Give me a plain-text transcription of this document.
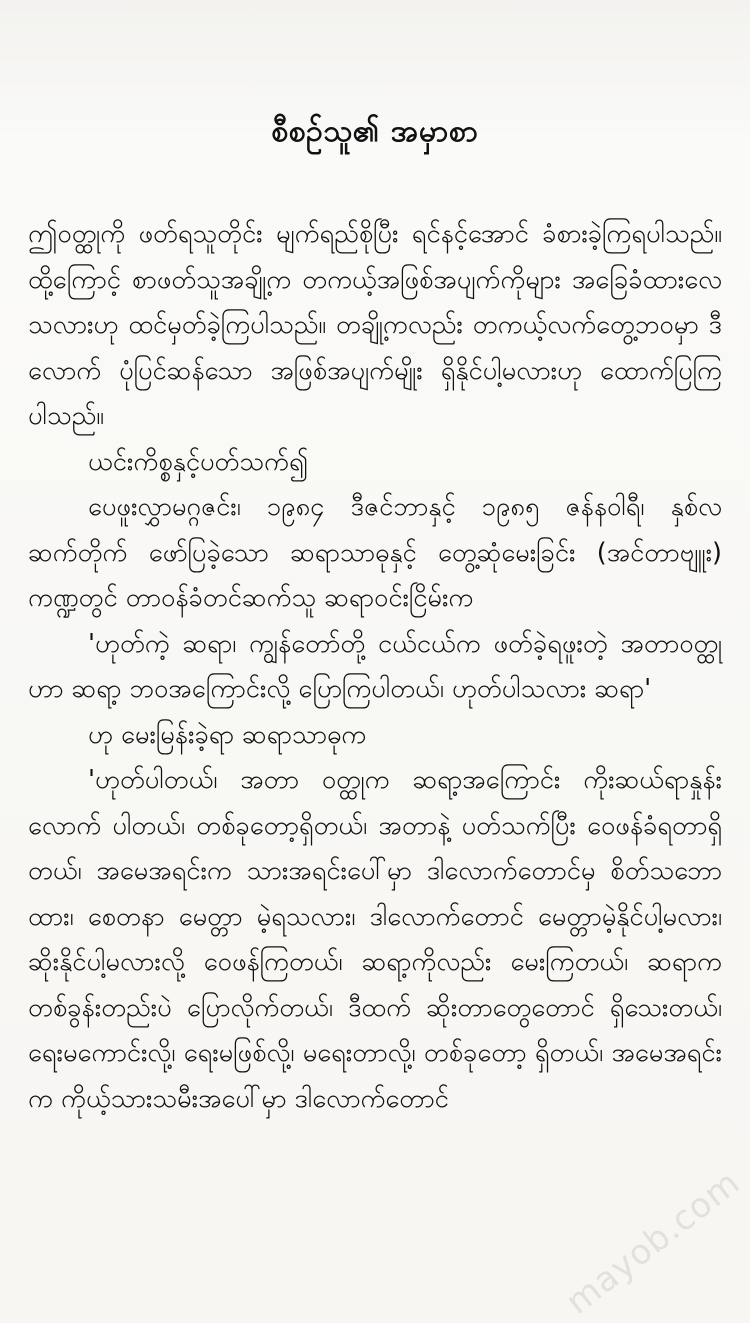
စီစဉ်သူ၏ အမှာစာ

ဤဝတ္ထုကို ဖတ်ရသူတိုင်း မျက်ရည်စိုပြီး ရင်နင့်အောင် ခံစားခဲ့ကြရပါသည်။ ထို့ကြောင့် စာဖတ်သူအချို့က တကယ့်အဖြစ်အပျက်ကိုများ အခြေခံထားလေသလားဟု ထင်မှတ်ခဲ့ကြပါသည်။ တချို့ကလည်း တကယ့်လက်တွေ့ဘဝမှာ ဒီလောက် ပုံပြင်ဆန်သော အဖြစ်အပျက်မျိုး ရှိနိုင်ပါ့မလားဟု ထောက်ပြကြပါသည်။

ယင်းကိစ္စနှင့်ပတ်သက်၍

ပေဖူးလွှာမဂ္ဂဇင်း၊ ၁၉၈၄ ဒီဇင်ဘာနှင့် ၁၉၈၅ ဇန်နဝါရီ၊ နှစ်လဆက်တိုက် ဖော်ပြခဲ့သော ဆရာသာဓုနှင့် တွေ့ဆုံမေးခြင်း (အင်တာဗျူး) ကဏ္ဍတွင် တာဝန်ခံတင်ဆက်သူ ဆရာဝင်းငြိမ်းက

'ဟုတ်ကဲ့ ဆရာ၊ ကျွန်တော်တို့ ငယ်ငယ်က ဖတ်ခဲ့ရဖူးတဲ့ အတာဝတ္ထုဟာ ဆရာ့ ဘဝအကြောင်းလို့ ပြောကြပါတယ်၊ ဟုတ်ပါသလား ဆရာ'

ဟု မေးမြန်းခဲ့ရာ ဆရာသာဓုက

'ဟုတ်ပါတယ်၊ အတာ ဝတ္ထုက ဆရာ့အကြောင်း ကိုးဆယ်ရာနှုန်းလောက် ပါတယ်၊ တစ်ခုတော့ရှိတယ်၊ အတာနဲ့ ပတ်သက်ပြီး ဝေဖန်ခံရတာရှိတယ်၊ အမေအရင်းက သားအရင်းပေါ်မှာ ဒါလောက်တောင်မှ စိတ်သဘောထား၊ စေတနာ မေတ္တာ မဲ့ရသလား၊ ဒါလောက်တောင် မေတ္တာမဲ့နိုင်ပါ့မလား၊ ဆိုးနိုင်ပါ့မလားလို့ ဝေဖန်ကြတယ်၊ ဆရာ့ကိုလည်း မေးကြတယ်၊ ဆရာက တစ်ခွန်းတည်းပဲ ပြောလိုက်တယ်၊ ဒီထက် ဆိုးတာတွေတောင် ရှိသေးတယ်၊ ရေးမကောင်းလို့၊ ရေးမဖြစ်လို့၊ မရေးတာလို့၊ တစ်ခုတော့ ရှိတယ်၊ အမေအရင်းက ကိုယ့်သားသမီးအပေါ်မှာ ဒါလောက်တောင်

mayob.com
